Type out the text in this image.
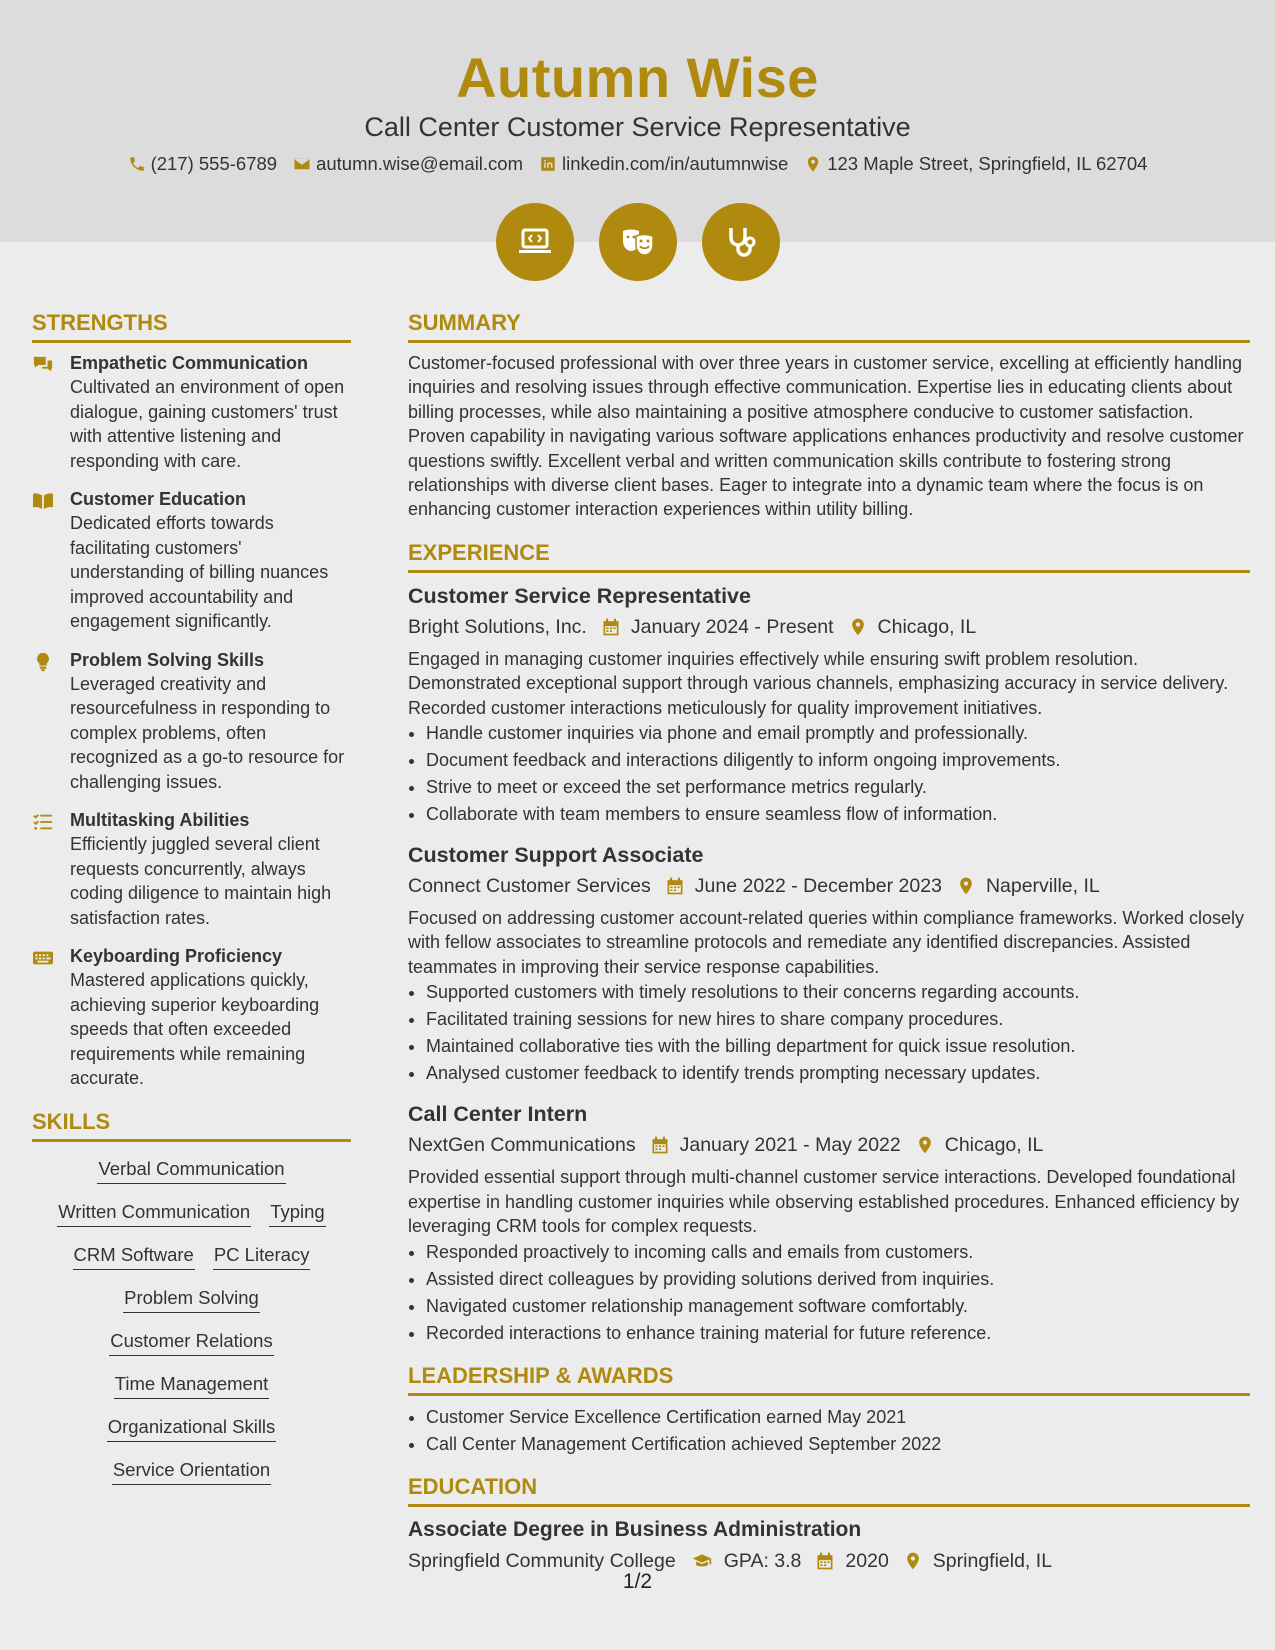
Autumn Wise
Call Center Customer Service Representative
(217) 555-6789 autumn.wise@email.com linkedin.com/in/autumnwise 123 Maple Street, Springfield, IL 62704
STRENGTHS
Empathetic Communication
Cultivated an environment of open dialogue, gaining customers' trust with attentive listening and responding with care.
Customer Education
Dedicated efforts towards facilitating customers' understanding of billing nuances improved accountability and engagement significantly.
Problem Solving Skills
Leveraged creativity and resourcefulness in responding to complex problems, often recognized as a go-to resource for challenging issues.
Multitasking Abilities
Efficiently juggled several client requests concurrently, always coding diligence to maintain high satisfaction rates.
Keyboarding Proficiency
Mastered applications quickly, achieving superior keyboarding speeds that often exceeded requirements while remaining accurate.
SKILLS
Verbal Communication
Written Communication Typing
CRM Software PC Literacy
Problem Solving
Customer Relations
Time Management
Organizational Skills
Service Orientation
SUMMARY
Customer-focused professional with over three years in customer service, excelling at efficiently handling inquiries and resolving issues through effective communication. Expertise lies in educating clients about billing processes, while also maintaining a positive atmosphere conducive to customer satisfaction. Proven capability in navigating various software applications enhances productivity and resolve customer questions swiftly. Excellent verbal and written communication skills contribute to fostering strong relationships with diverse client bases. Eager to integrate into a dynamic team where the focus is on enhancing customer interaction experiences within utility billing.
EXPERIENCE
Customer Service Representative
Bright Solutions, Inc. January 2024 - Present Chicago, IL
Engaged in managing customer inquiries effectively while ensuring swift problem resolution. Demonstrated exceptional support through various channels, emphasizing accuracy in service delivery. Recorded customer interactions meticulously for quality improvement initiatives.
• Handle customer inquiries via phone and email promptly and professionally.
• Document feedback and interactions diligently to inform ongoing improvements.
• Strive to meet or exceed the set performance metrics regularly.
• Collaborate with team members to ensure seamless flow of information.
Customer Support Associate
Connect Customer Services June 2022 - December 2023 Naperville, IL
Focused on addressing customer account-related queries within compliance frameworks. Worked closely with fellow associates to streamline protocols and remediate any identified discrepancies. Assisted teammates in improving their service response capabilities.
• Supported customers with timely resolutions to their concerns regarding accounts.
• Facilitated training sessions for new hires to share company procedures.
• Maintained collaborative ties with the billing department for quick issue resolution.
• Analysed customer feedback to identify trends prompting necessary updates.
Call Center Intern
NextGen Communications January 2021 - May 2022 Chicago, IL
Provided essential support through multi-channel customer service interactions. Developed foundational expertise in handling customer inquiries while observing established procedures. Enhanced efficiency by leveraging CRM tools for complex requests.
• Responded proactively to incoming calls and emails from customers.
• Assisted direct colleagues by providing solutions derived from inquiries.
• Navigated customer relationship management software comfortably.
• Recorded interactions to enhance training material for future reference.
LEADERSHIP & AWARDS
• Customer Service Excellence Certification earned May 2021
• Call Center Management Certification achieved September 2022
EDUCATION
Associate Degree in Business Administration
Springfield Community College GPA: 3.8 2020 Springfield, IL
1/2
